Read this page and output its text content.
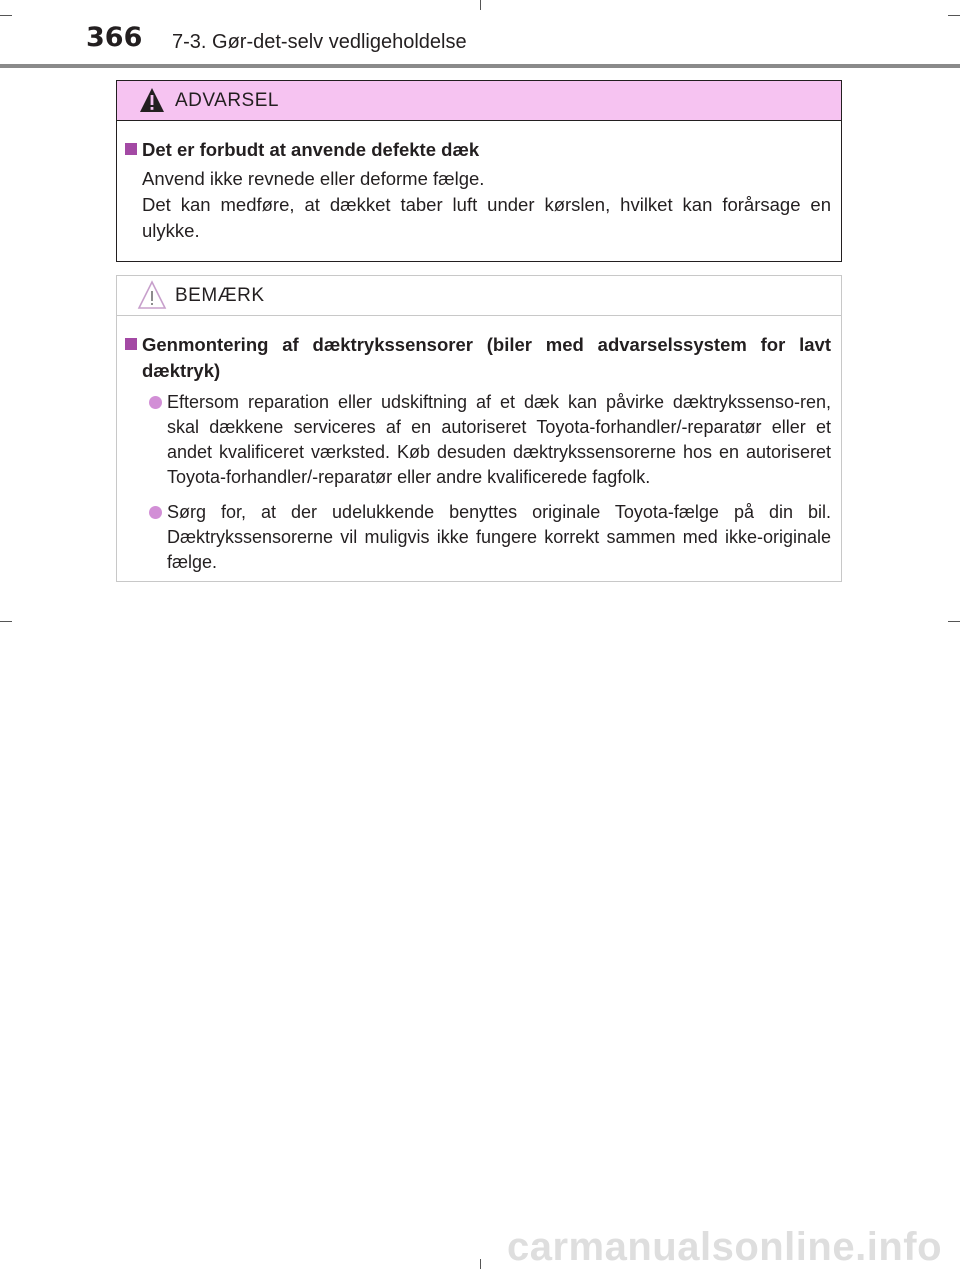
366 7-3. Gør-det-selv vedligeholdelse
ADVARSEL
Det er forbudt at anvende defekte dæk

Anvend ikke revnede eller deforme fælge.

Det kan medføre, at dækket taber luft under kørslen, hvilket kan forårsage en ulykke.

BEMÆRK
Genmontering af dæktrykssensorer (biler med advarselssystem for lavt dæktryk)
Eftersom reparation eller udskiftning af et dæk kan påvirke dæktrykssenso-ren, skal dækkene serviceres af en autoriseret Toyota-forhandler/-reparatør eller et andet kvalificeret værksted. Køb desuden dæktrykssensorerne hos en autoriseret Toyota-forhandler/-reparatør eller andre kvalificerede fagfolk.
Sørg for, at der udelukkende benyttes originale Toyota-fælge på din bil. Dæktrykssensorerne vil muligvis ikke fungere korrekt sammen med ikke-originale fælge.
carmanualsonline.info
